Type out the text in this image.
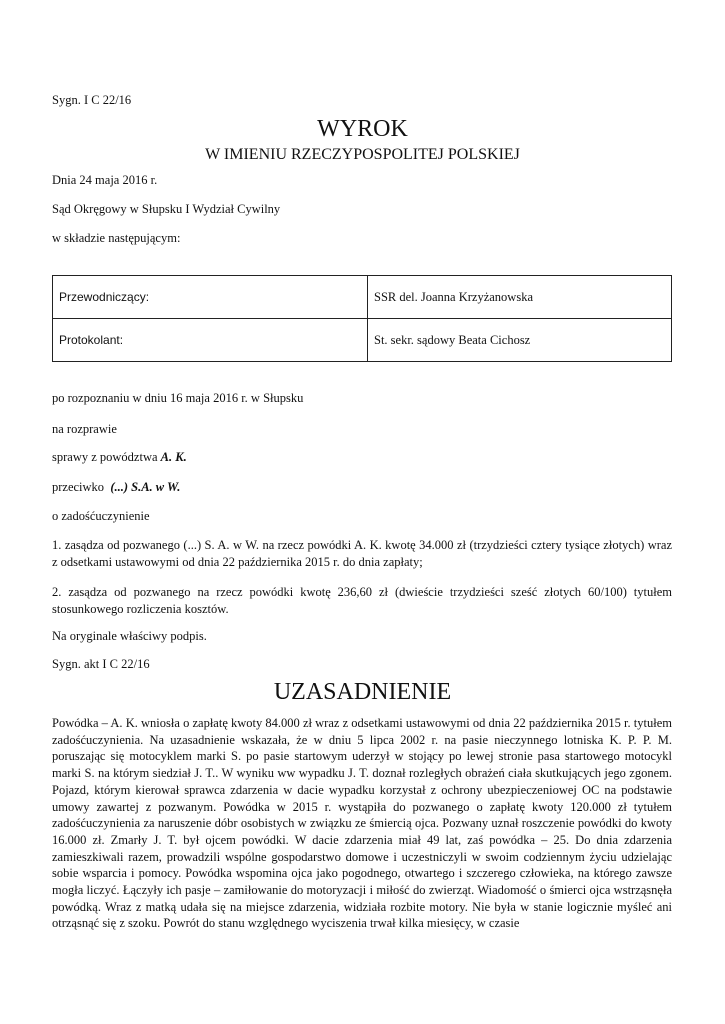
Sygn. I C 22/16
WYROK
W IMIENIU RZECZYPOSPOLITEJ POLSKIEJ
Dnia 24 maja 2016 r.
Sąd Okręgowy w Słupsku I Wydział Cywilny
w składzie następującym:
Przewodniczący:	SSR del. Joanna Krzyżanowska
Protokolant:	St. sekr. sądowy Beata Cichosz
po rozpoznaniu w dniu 16 maja 2016 r. w Słupsku
na rozprawie
sprawy z powództwa A. K.
przeciwko  (...) S.A. w W.
o zadośćuczynienie
1. zasądza od pozwanego (...) S. A. w W. na rzecz powódki A. K. kwotę 34.000 zł (trzydzieści cztery tysiące złotych) wraz z odsetkami ustawowymi od dnia 22 października 2015 r. do dnia zapłaty;
2. zasądza od pozwanego na rzecz powódki kwotę 236,60 zł (dwieście trzydzieści sześć złotych 60/100) tytułem stosunkowego rozliczenia kosztów.
Na oryginale właściwy podpis.
Sygn. akt I C 22/16
UZASADNIENIE
Powódka – A. K. wniosła o zapłatę kwoty 84.000 zł wraz z odsetkami ustawowymi od dnia 22 października 2015 r. tytułem zadośćuczynienia. Na uzasadnienie wskazała, że w dniu 5 lipca 2002 r. na pasie nieczynnego lotniska K. P. P. M. poruszając się motocyklem marki S. po pasie startowym uderzył w stojący po lewej stronie pasa startowego motocykl marki S. na którym siedział J. T.. W wyniku ww wypadku J. T. doznał rozległych obrażeń ciała skutkujących jego zgonem. Pojazd, którym kierował sprawca zdarzenia w dacie wypadku korzystał z ochrony ubezpieczeniowej OC na podstawie umowy zawartej z pozwanym. Powódka w 2015 r. wystąpiła do pozwanego o zapłatę kwoty 120.000 zł tytułem zadośćuczynienia za naruszenie dóbr osobistych w związku ze śmiercią ojca. Pozwany uznał roszczenie powódki do kwoty 16.000 zł. Zmarły J. T. był ojcem powódki. W dacie zdarzenia miał 49 lat, zaś powódka – 25. Do dnia zdarzenia zamieszkiwali razem, prowadzili wspólne gospodarstwo domowe i uczestniczyli w swoim codziennym życiu udzielając sobie wsparcia i pomocy. Powódka wspomina ojca jako pogodnego, otwartego i szczerego człowieka, na którego zawsze mogła liczyć. Łączyły ich pasje – zamiłowanie do motoryzacji i miłość do zwierząt. Wiadomość o śmierci ojca wstrząsnęła powódką. Wraz z matką udała się na miejsce zdarzenia, widziała rozbite motory. Nie była w stanie logicznie myśleć ani otrząsnąć się z szoku. Powrót do stanu względnego wyciszenia trwał kilka miesięcy, w czasie
